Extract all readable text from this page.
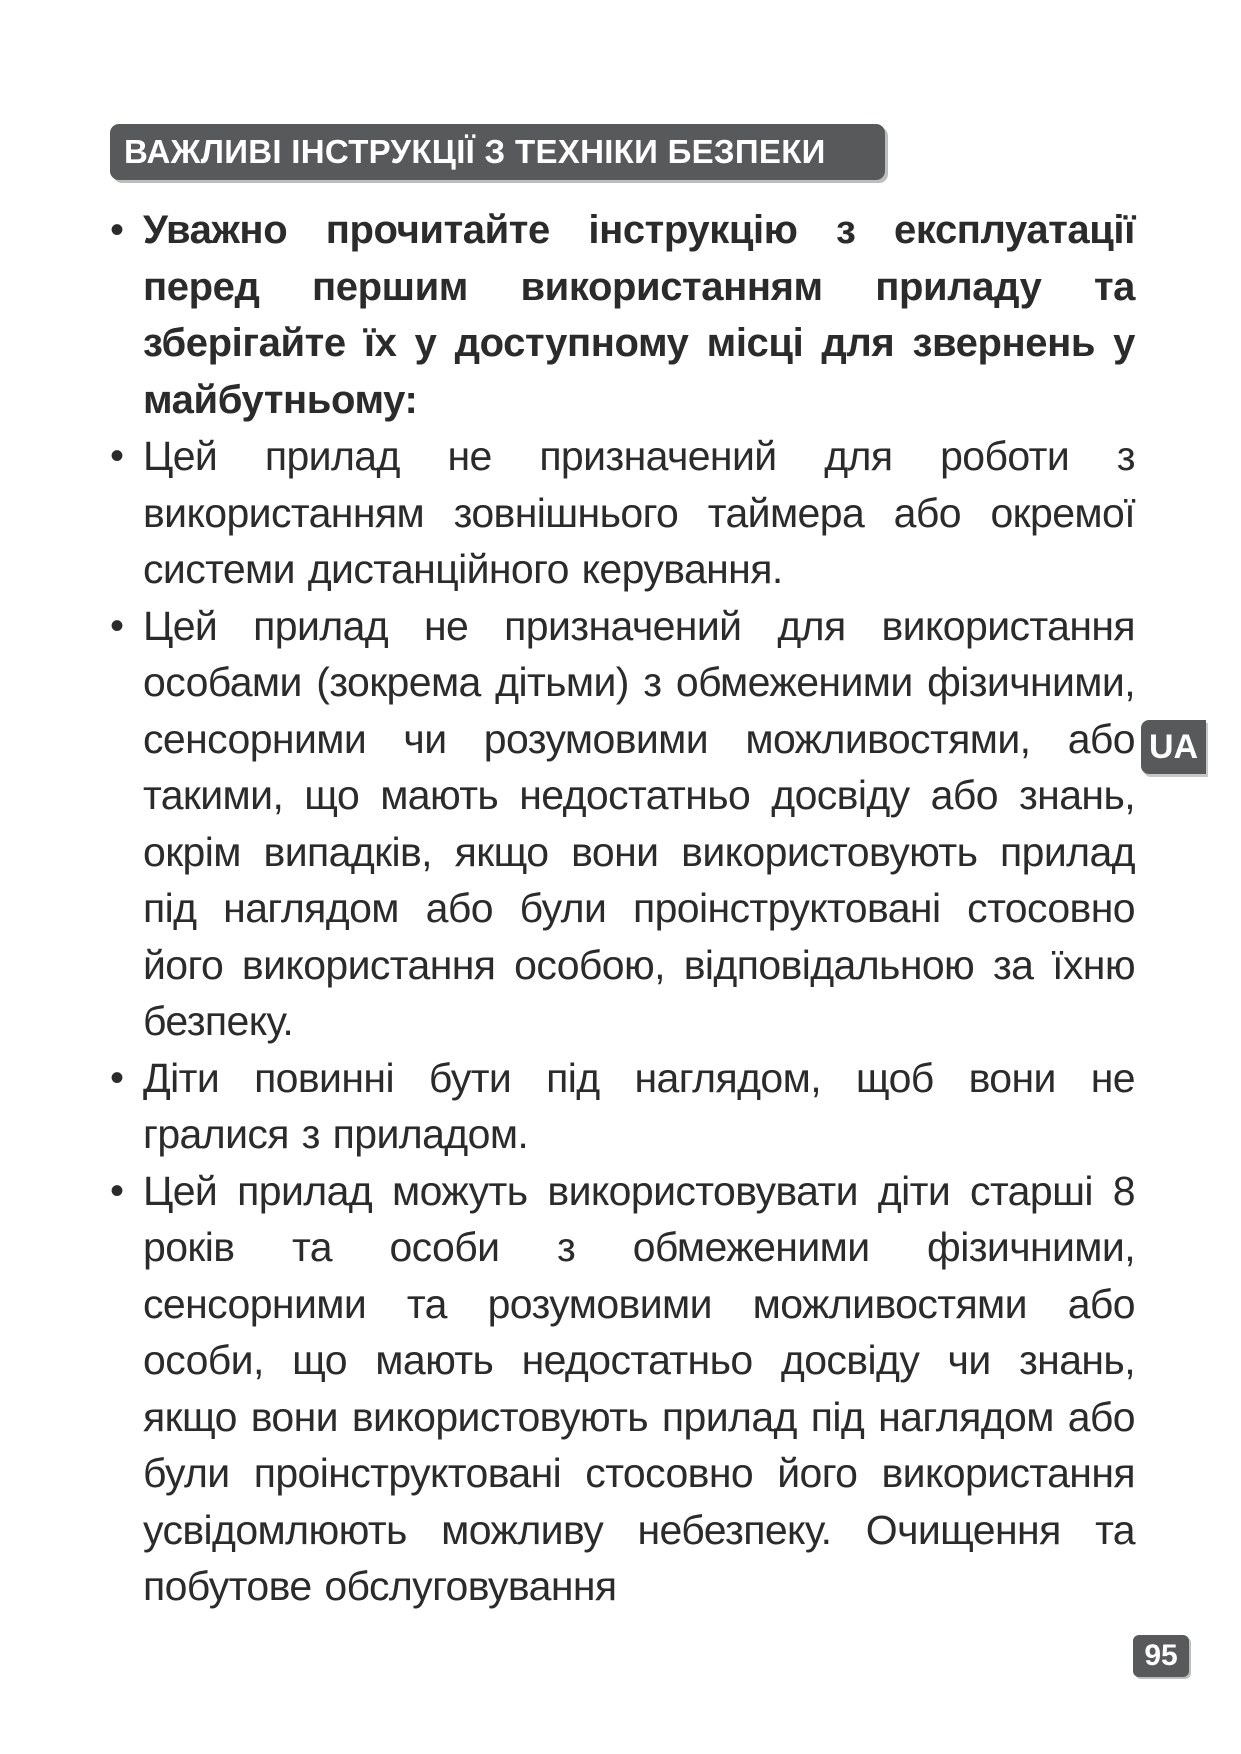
ВАЖЛИВІ ІНСТРУКЦІЇ З ТЕХНІКИ БЕЗПЕКИ
• Уважно прочитайте інструкцію з експлуатації перед першим використанням приладу та зберігайте їх у доступному місці для звернень у майбутньому:

• Цей прилад не призначений для роботи з використанням зовнішнього таймера або окремої системи дистанційного керування.

• Цей прилад не призначений для використання особами (зокрема дітьми) з обмеженими фізичними, сенсорними чи розумовими можливостями, або такими, що мають недостатньо досвіду або знань, окрім випадків, якщо вони використовують прилад під наглядом або були проінструктовані стосовно його використання особою, відповідальною за їхню безпеку.

• Діти повинні бути під наглядом, щоб вони не гралися з приладом.

• Цей прилад можуть використовувати діти старші 8 років та особи з обмеженими фізичними, сенсорними та розумовими можливостями або особи, що мають недостатньо досвіду чи знань, якщо вони використовують прилад під наглядом або були проінструктовані стосовно його використання усвідомлюють можливу небезпеку. Очищення та побутове обслуговування

UA
95
